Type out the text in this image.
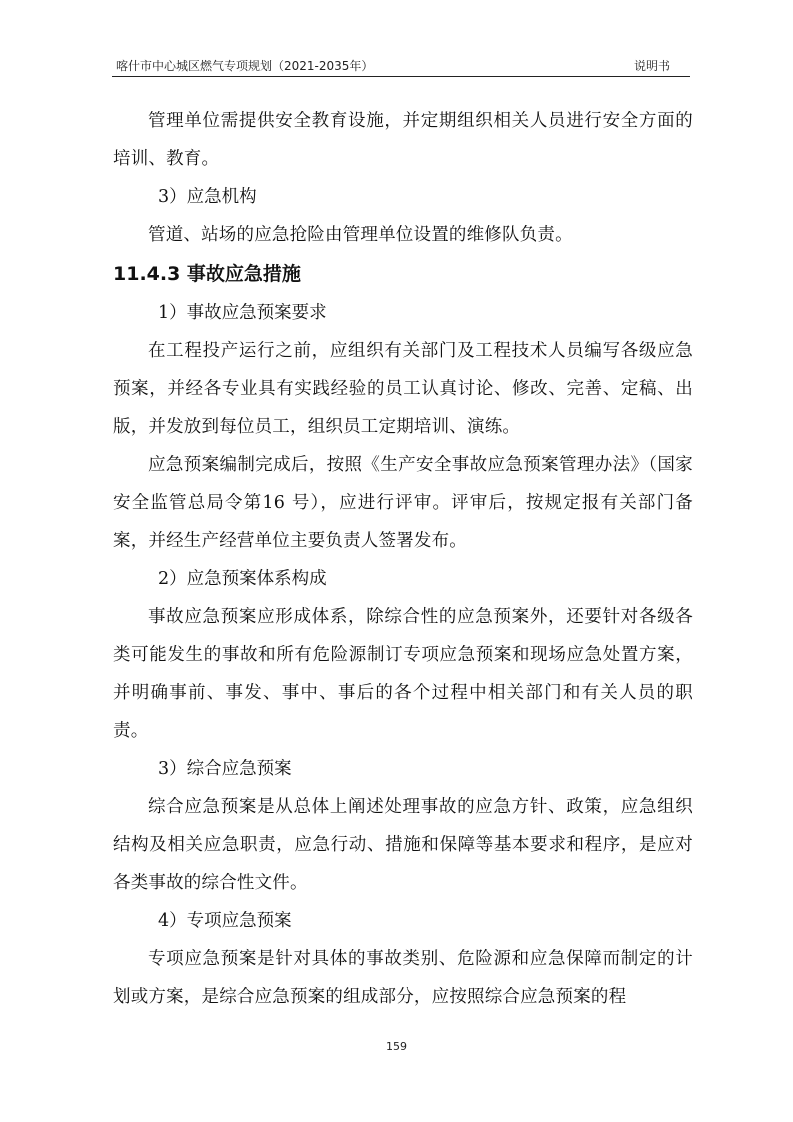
喀什市中心城区燃气专项规划（2021-2035年）	说明书

管理单位需提供安全教育设施，并定期组织相关人员进行安全方面的培训、教育。

3）应急机构

管道、站场的应急抢险由管理单位设置的维修队负责。

11.4.3 事故应急措施

1）事故应急预案要求

在工程投产运行之前，应组织有关部门及工程技术人员编写各级应急预案，并经各专业具有实践经验的员工认真讨论、修改、完善、定稿、出版，并发放到每位员工，组织员工定期培训、演练。

应急预案编制完成后，按照《生产安全事故应急预案管理办法》（国家安全监管总局令第16 号），应进行评审。评审后，按规定报有关部门备案，并经生产经营单位主要负责人签署发布。

2）应急预案体系构成

事故应急预案应形成体系，除综合性的应急预案外，还要针对各级各类可能发生的事故和所有危险源制订专项应急预案和现场应急处置方案，并明确事前、事发、事中、事后的各个过程中相关部门和有关人员的职责。

3）综合应急预案

综合应急预案是从总体上阐述处理事故的应急方针、政策，应急组织结构及相关应急职责，应急行动、措施和保障等基本要求和程序，是应对各类事故的综合性文件。

4）专项应急预案

专项应急预案是针对具体的事故类别、危险源和应急保障而制定的计划或方案，是综合应急预案的组成部分，应按照综合应急预案的程

159
